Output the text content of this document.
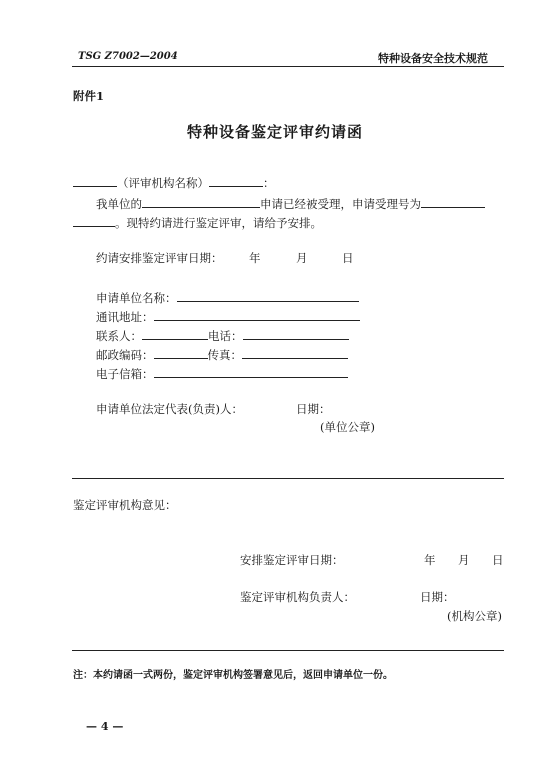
TSG Z7002—2004	特种设备安全技术规范
附件1
特种设备鉴定评审约请函
（评审机构名称）	：
我单位的	申请已经被受理，申请受理号为
。现特约请进行鉴定评审，请给予安排。
约请安排鉴定评审日期： 年	月	日
申请单位名称：
通讯地址：
联系人：	电话：
邮政编码：	传真：
电子信箱：
申请单位法定代表(负责)人：	日期：
(单位公章)
鉴定评审机构意见：
安排鉴定评审日期：	年 月 日
鉴定评审机构负责人：	日期：
(机构公章)
注：本约请函一式两份，鉴定评审机构签署意见后，返回申请单位一份。
— 4 —
